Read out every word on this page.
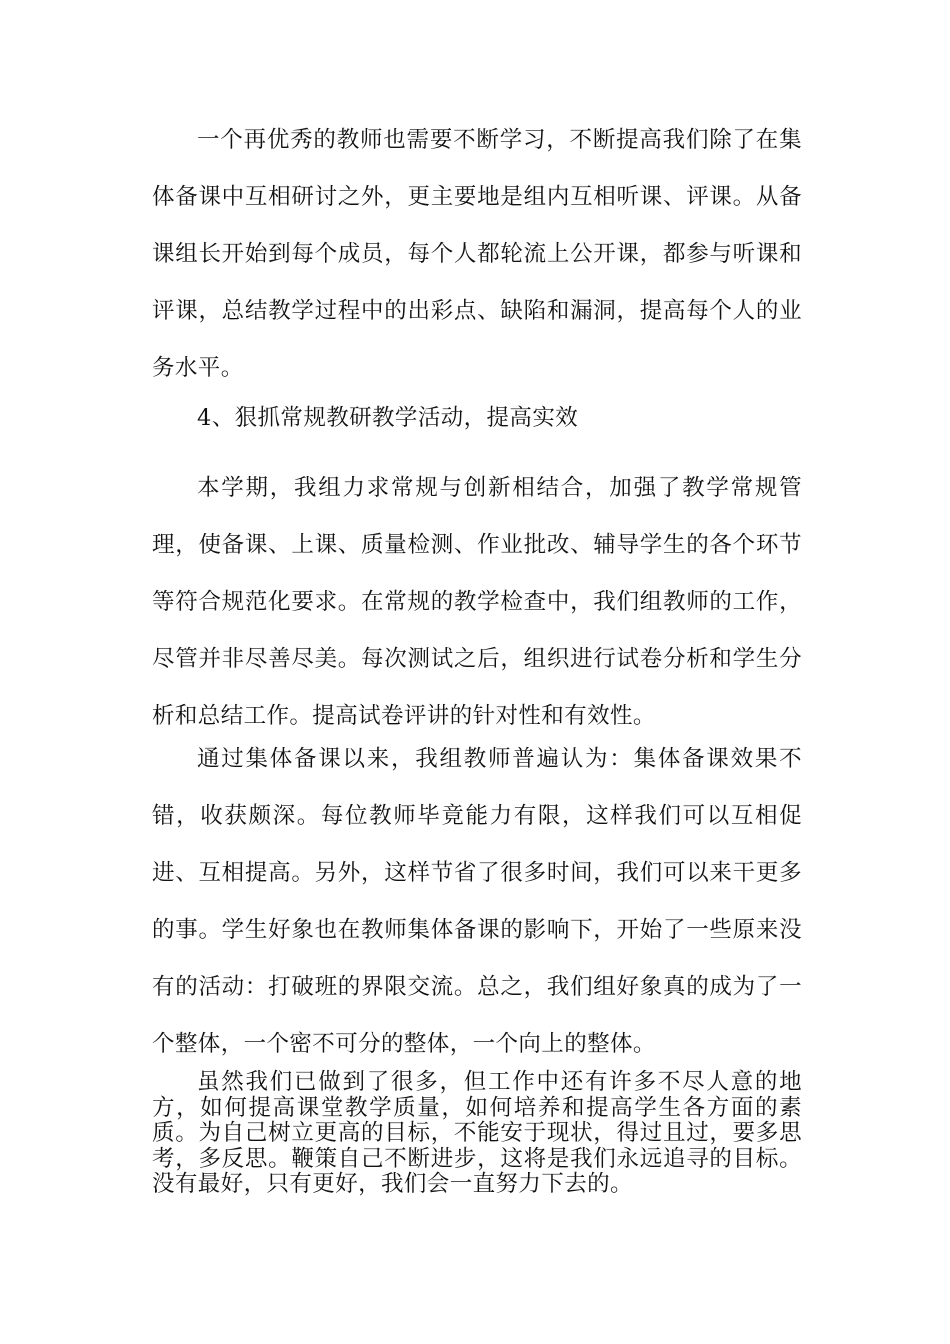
一个再优秀的教师也需要不断学习，不断提高我们除了在集体备课中互相研讨之外，更主要地是组内互相听课、评课。从备课组长开始到每个成员，每个人都轮流上公开课，都参与听课和评课，总结教学过程中的出彩点、缺陷和漏洞，提高每个人的业务水平。

4、狠抓常规教研教学活动，提高实效

本学期，我组力求常规与创新相结合，加强了教学常规管理，使备课、上课、质量检测、作业批改、辅导学生的各个环节等符合规范化要求。在常规的教学检查中，我们组教师的工作，尽管并非尽善尽美。每次测试之后，组织进行试卷分析和学生分析和总结工作。提高试卷评讲的针对性和有效性。

通过集体备课以来，我组教师普遍认为：集体备课效果不错，收获颇深。每位教师毕竟能力有限，这样我们可以互相促进、互相提高。另外，这样节省了很多时间，我们可以来干更多的事。学生好象也在教师集体备课的影响下，开始了一些原来没有的活动：打破班的界限交流。总之，我们组好象真的成为了一个整体，一个密不可分的整体，一个向上的整体。

虽然我们已做到了很多，但工作中还有许多不尽人意的地方，如何提高课堂教学质量，如何培养和提高学生各方面的素质。为自己树立更高的目标，不能安于现状，得过且过，要多思考，多反思。鞭策自己不断进步，这将是我们永远追寻的目标。没有最好，只有更好，我们会一直努力下去的。
